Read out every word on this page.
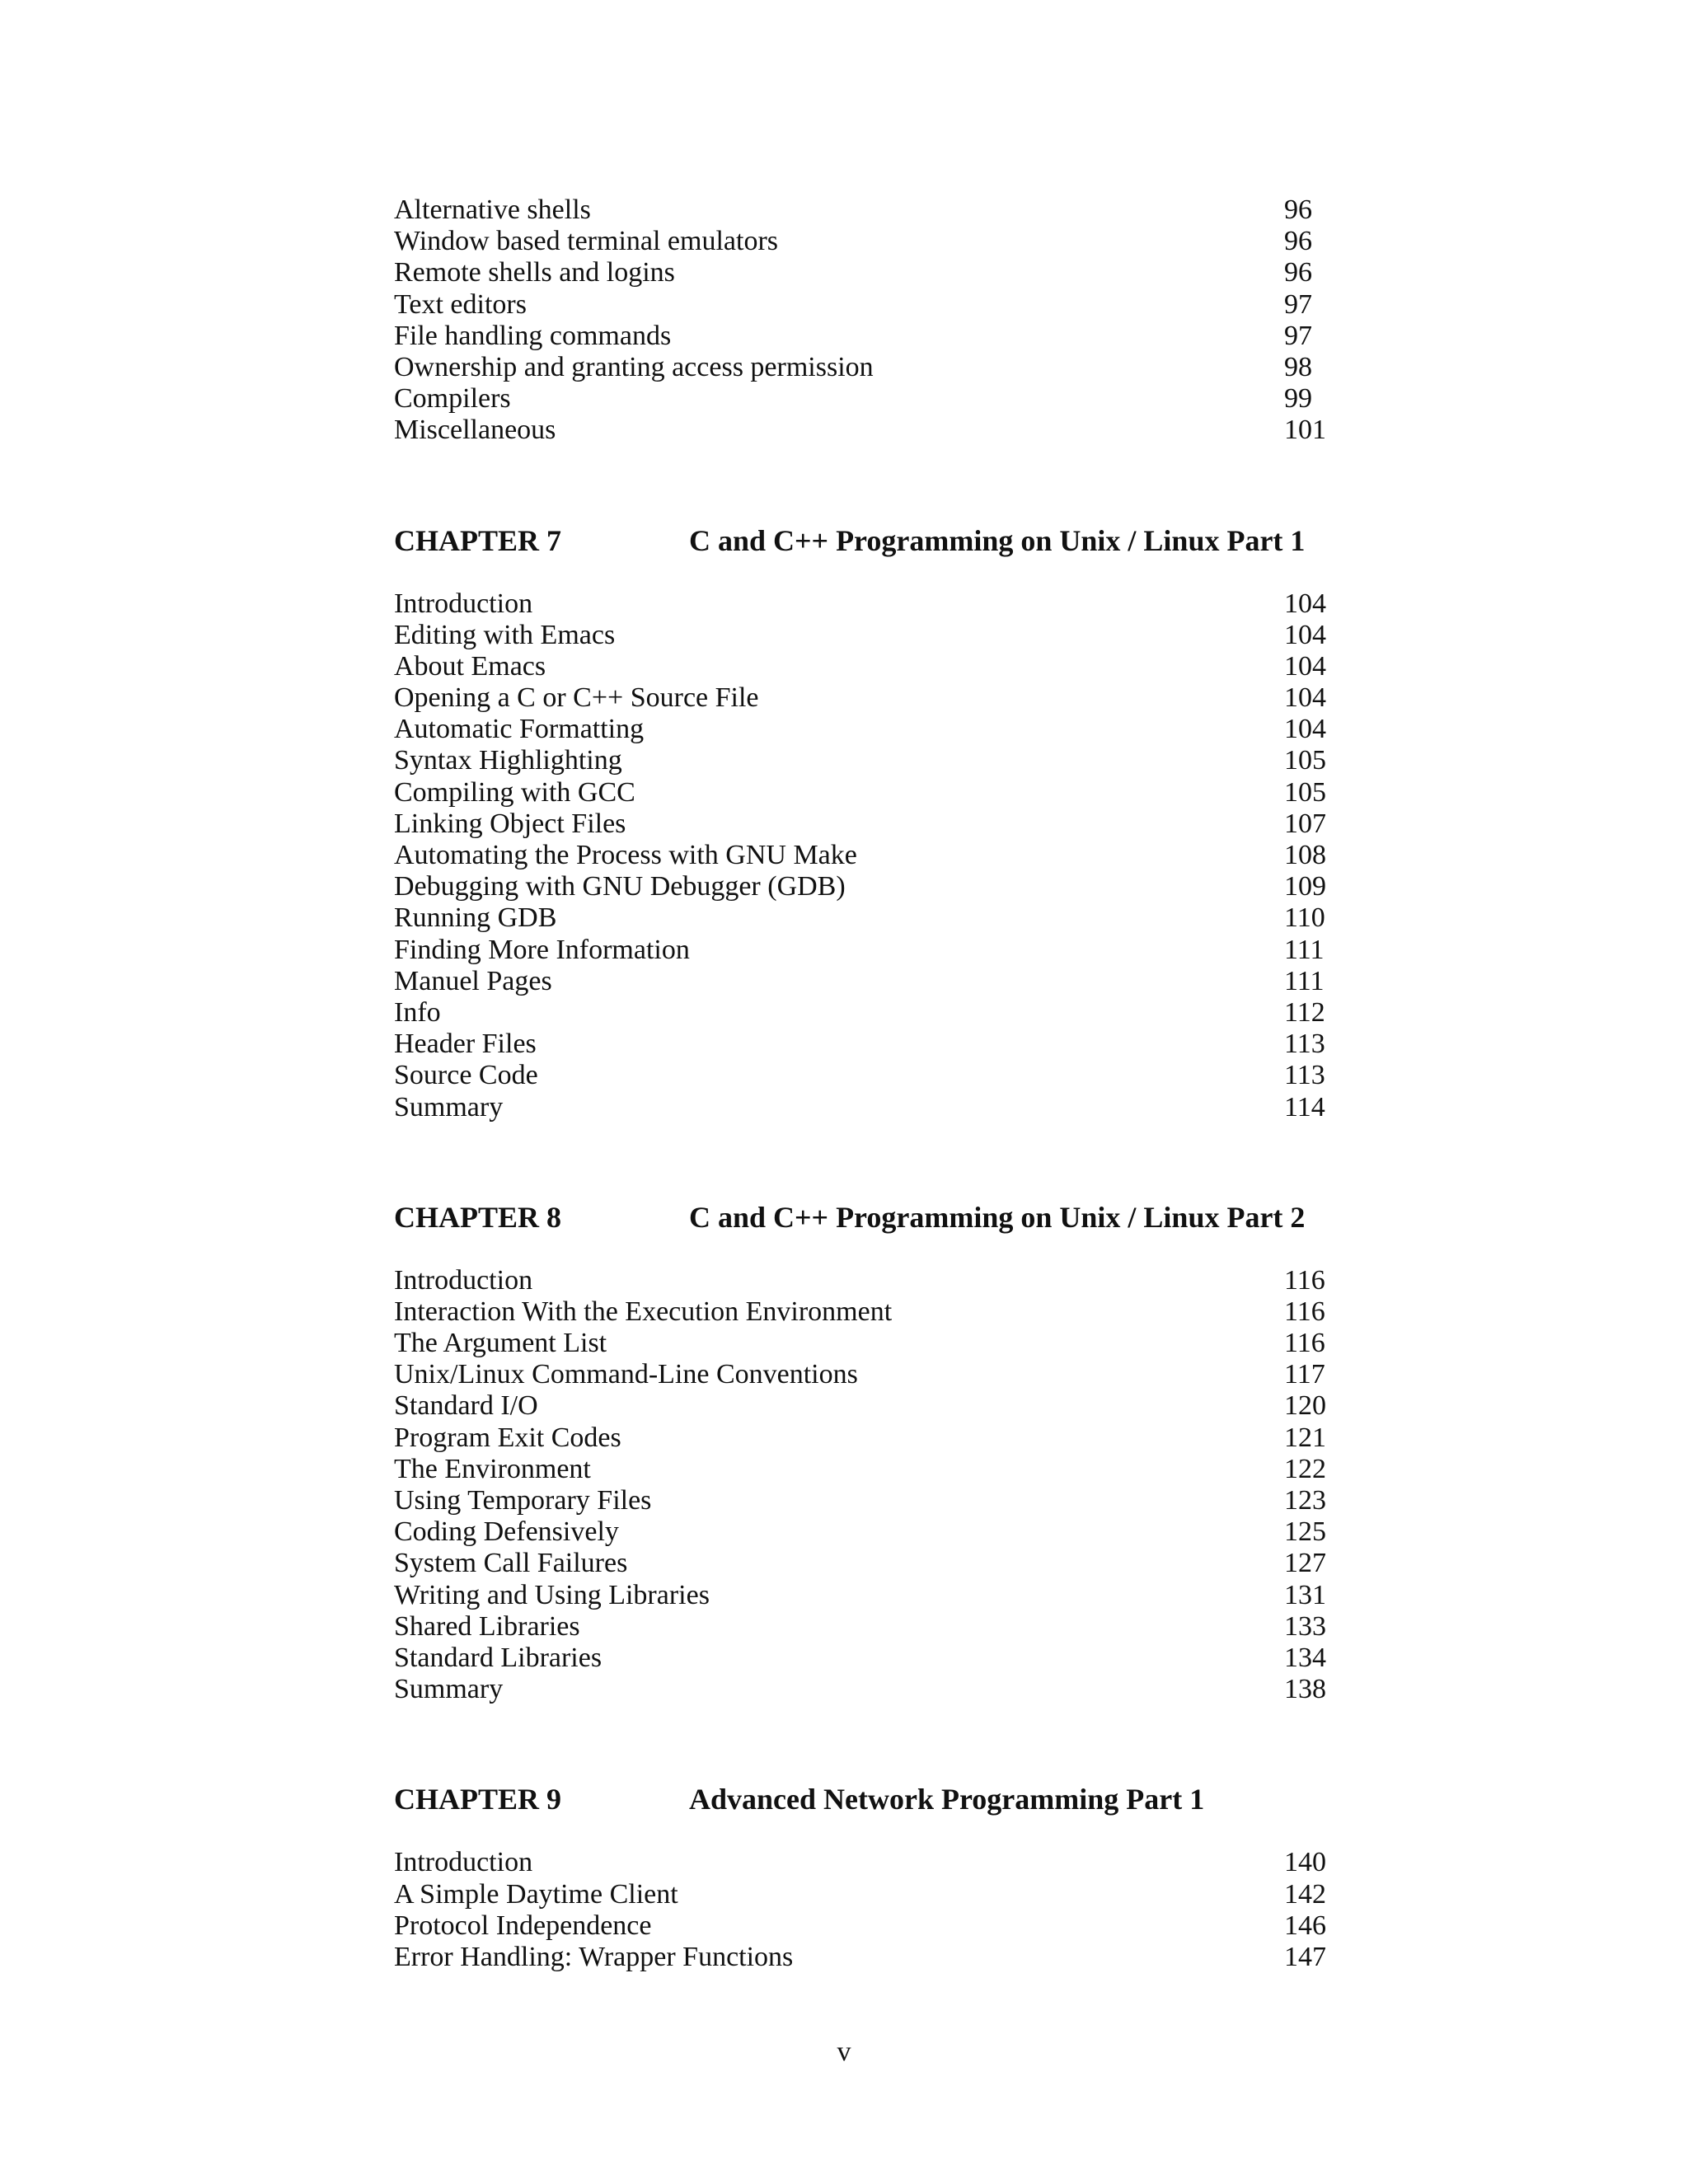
Alternative shells	96
Window based terminal emulators	96
Remote shells and logins	96
Text editors	97
File handling commands	97
Ownership and granting access permission	98
Compilers	99
Miscellaneous	101
CHAPTER 7	C and C++ Programming on Unix / Linux Part 1
Introduction	104
Editing with Emacs	104
About Emacs	104
Opening a C or C++ Source File	104
Automatic Formatting	104
Syntax Highlighting	105
Compiling with GCC	105
Linking Object Files	107
Automating the Process with GNU Make	108
Debugging with GNU Debugger (GDB)	109
Running GDB	110
Finding More Information	111
Manuel Pages	111
Info	112
Header Files	113
Source Code	113
Summary	114
CHAPTER 8	C and C++ Programming on Unix / Linux Part 2
Introduction	116
Interaction With the Execution Environment	116
The Argument List	116
Unix/Linux Command-Line Conventions	117
Standard I/O	120
Program Exit Codes	121
The Environment	122
Using Temporary Files	123
Coding Defensively	125
System Call Failures	127
Writing and Using Libraries	131
Shared Libraries	133
Standard Libraries	134
Summary	138
CHAPTER 9	Advanced Network Programming Part 1
Introduction	140
A Simple Daytime Client	142
Protocol Independence	146
Error Handling: Wrapper Functions	147
v
